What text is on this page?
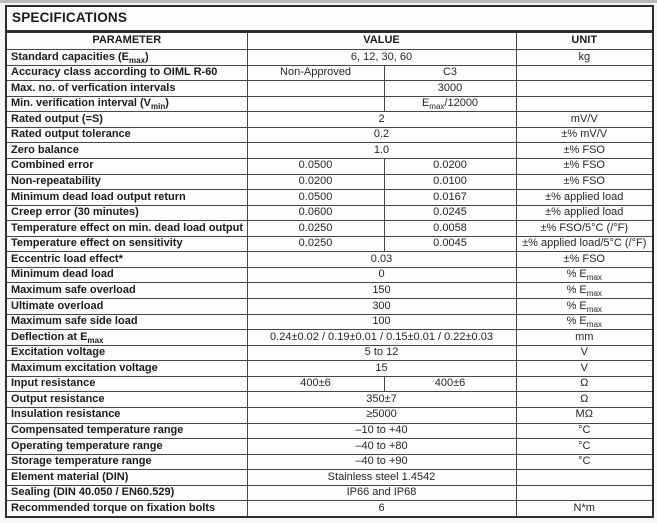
SPECIFICATIONS			
PARAMETER	VALUE		UNIT
Standard capacities $(E_{max})$	6, 12, 30, 60		kg
Accuracy class according to OIML R-60	Non-Approved	C3	
Max. no. of verfication intervals		3000	
Min. verification interval $(V_{min})$		$E_{max}/12000$	
Rated output (=S)	2		mV/V
Rated output tolerance	0.2		±% mV/V
Zero balance	1.0		±% FSO
Combined error	0.0500	0.0200	±% FSO
Non-repeatability	0.0200	0.0100	±% FSO
Minimum dead load output return	0.0500	0.0167	±% applied load
Creep error (30 minutes)	0.0600	0.0245	±% applied load
Temperature effect on min. dead load output	0.0250	0.0058	±% FSO/5°C (/°F)
Temperature effect on sensitivity	0.0250	0.0045	±% applied load/5°C (/°F)
Eccentric load effect*	0.03		±% FSO
Minimum dead load	0		% $E_{max}$
Maximum safe overload	150		% $E_{max}$
Ultimate overload	300		% $E_{max}$
Maximum safe side load	100		% $E_{max}$
Deflection at $E_{max}$	0.24±0.02 / 0.19±0.01 / 0.15±0.01 / 0.22±0.03		mm
Excitation voltage	5 to 12		V
Maximum excitation voltage	15		V
Input resistance	400±6	400±6	Ω
Output resistance	350±7		Ω
Insulation resistance	≥5000		MΩ
Compensated temperature range	–10 to +40		°C
Operating temperature range	–40 to +80		°C
Storage temperature range	–40 to +90		°C
Element material (DIN)	Stainless steel 1.4542		
Sealing (DIN 40.050 / EN60.529)	IP66 and IP68		
Recommended torque on fixation bolts	6		N*m
